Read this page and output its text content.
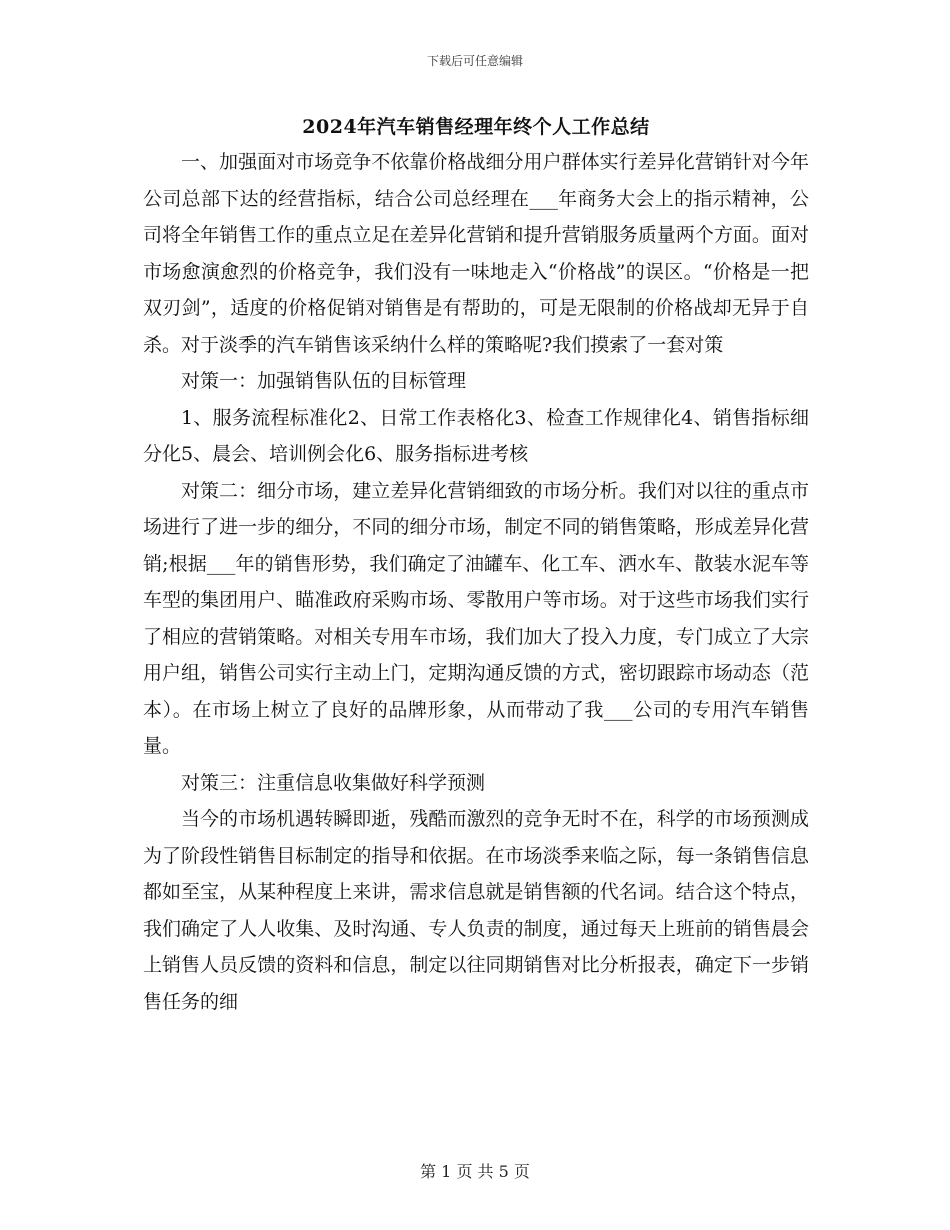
下载后可任意编辑
2024年汽车销售经理年终个人工作总结

一、加强面对市场竞争不依靠价格战细分用户群体实行差异化营销针对今年公司总部下达的经营指标，结合公司总经理在___年商务大会上的指示精神，公司将全年销售工作的重点立足在差异化营销和提升营销服务质量两个方面。面对市场愈演愈烈的价格竞争，我们没有一味地走入“价格战”的误区。“价格是一把双刃剑”，适度的价格促销对销售是有帮助的，可是无限制的价格战却无异于自杀。对于淡季的汽车销售该采纳什么样的策略呢?我们摸索了一套对策

对策一：加强销售队伍的目标管理

1、服务流程标准化2、日常工作表格化3、检查工作规律化4、销售指标细分化5、晨会、培训例会化6、服务指标进考核

对策二：细分市场，建立差异化营销细致的市场分析。我们对以往的重点市场进行了进一步的细分，不同的细分市场，制定不同的销售策略，形成差异化营销;根据___年的销售形势，我们确定了油罐车、化工车、洒水车、散装水泥车等车型的集团用户、瞄准政府采购市场、零散用户等市场。对于这些市场我们实行了相应的营销策略。对相关专用车市场，我们加大了投入力度，专门成立了大宗用户组，销售公司实行主动上门，定期沟通反馈的方式，密切跟踪市场动态（范本）。在市场上树立了良好的品牌形象，从而带动了我___公司的专用汽车销售量。

对策三：注重信息收集做好科学预测

当今的市场机遇转瞬即逝，残酷而激烈的竞争无时不在，科学的市场预测成为了阶段性销售目标制定的指导和依据。在市场淡季来临之际，每一条销售信息都如至宝，从某种程度上来讲，需求信息就是销售额的代名词。结合这个特点，我们确定了人人收集、及时沟通、专人负责的制度，通过每天上班前的销售晨会上销售人员反馈的资料和信息，制定以往同期销售对比分析报表，确定下一步销售任务的细

第 1 页 共 5 页
